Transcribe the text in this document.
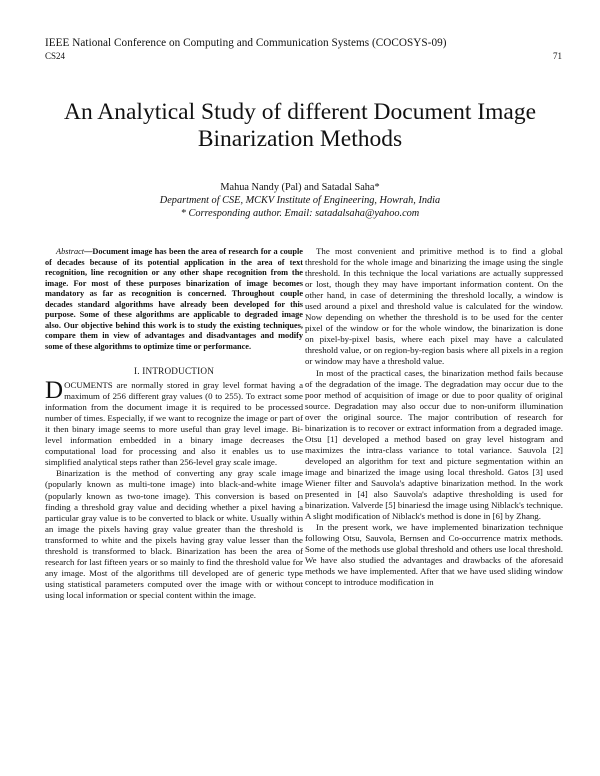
IEEE National Conference on Computing and Communication Systems (COCOSYS-09)
CS24	71
An Analytical Study of different Document Image
Binarization Methods
Mahua Nandy (Pal) and Satadal Saha*
Department of CSE, MCKV Institute of Engineering, Howrah, India
* Corresponding author. Email: satadalsaha@yahoo.com

Abstract—Document image has been the area of research for a couple of decades because of its potential application in the area of text recognition, line recognition or any other shape recognition from the image. For most of these purposes binarization of image becomes mandatory as far as recognition is concerned. Throughout couple decades standard algorithms have already been developed for this purpose. Some of these algorithms are applicable to degraded image also. Our objective behind this work is to study the existing techniques, compare them in view of advantages and disadvantages and modify some of these algorithms to optimize time or performance.

I. INTRODUCTION

DOCUMENTS are normally stored in gray level format having a maximum of 256 different gray values (0 to 255). To extract some information from the document image it is required to be processed number of times. Especially, if we want to recognize the image or part of it then binary image seems to more useful than gray level image. Bi-level information embedded in a binary image decreases the computational load for processing and also it enables us to use simplified analytical steps rather than 256-level gray scale image.

Binarization is the method of converting any gray scale image (popularly known as multi-tone image) into black-and-white image (popularly known as two-tone image). This conversion is based on finding a threshold gray value and deciding whether a pixel having a particular gray value is to be converted to black or white. Usually within an image the pixels having gray value greater than the threshold is transformed to white and the pixels having gray value lesser than the threshold is transformed to black. Binarization has been the area of research for last fifteen years or so mainly to find the threshold value for any image. Most of the algorithms till developed are of generic type using statistical parameters computed over the image with or without using local information or special content within the image.

The most convenient and primitive method is to find a global threshold for the whole image and binarizing the image using the single threshold. In this technique the local variations are actually suppressed or lost, though they may have important information content. On the other hand, in case of determining the threshold locally, a window is used around a pixel and threshold value is calculated for the window. Now depending on whether the threshold is to be used for the center pixel of the window or for the whole window, the binarization is done on pixel-by-pixel basis, where each pixel may have a calculated threshold value, or on region-by-region basis where all pixels in a region or window may have a threshold value.

In most of the practical cases, the binarization method fails because of the degradation of the image. The degradation may occur due to the poor method of acquisition of image or due to poor quality of original source. Degradation may also occur due to non-uniform illumination over the original source. The major contribution of research for binarization is to recover or extract information from a degraded image. Otsu [1] developed a method based on gray level histogram and maximizes the intra-class variance to total variance. Sauvola [2] developed an algorithm for text and picture segmentation within an image and binarized the image using local threshold. Gatos [3] used Wiener filter and Sauvola's adaptive binarization method. In the work presented in [4] also Sauvola's adaptive thresholding is used for binarization. Valverde [5] binariesd the image using Niblack's technique. A slight modification of Niblack's method is done in [6] by Zhang.

In the present work, we have implemented binarization technique following Otsu, Sauvola, Bernsen and Co-occurrence matrix methods. Some of the methods use global threshold and others use local threshold. We have also studied the advantages and drawbacks of the aforesaid methods we have implemented. After that we have used sliding window concept to introduce modification in
